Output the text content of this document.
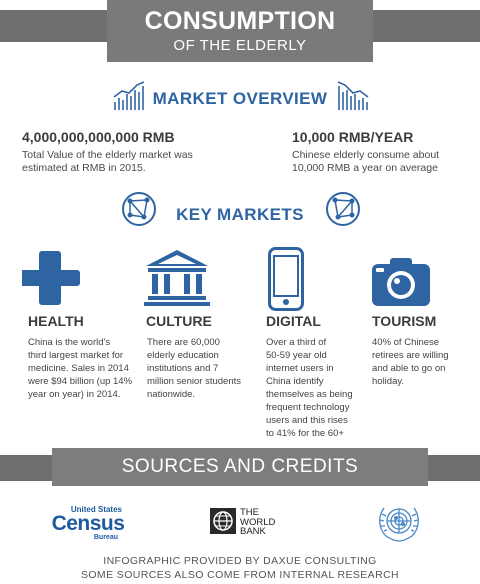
CONSUMPTION
OF THE ELDERLY
MARKET OVERVIEW
4,000,000,000,000 RMB
Total Value of the elderly market was
estimated at RMB in 2015.
10,000 RMB/YEAR
Chinese elderly consume about
10,000 RMB a year on average
KEY MARKETS
HEALTH
China is the world's
third largest market for
medicine. Sales in 2014
were $94 billion (up 14%
year on year) in 2014.
CULTURE
There are 60,000
elderly education
institutions and 7
million senior students
nationwide.
DIGITAL
Over a third of
50-59 year old
internet users in
China identify
themselves as being
frequent technology
users and this rises
to 41% for the 60+
TOURISM
40% of Chinese
retirees are willing
and able to go on
holiday.
SOURCES AND CREDITS
United States
Census
Bureau
THE
WORLD
BANK
INFOGRAPHIC PROVIDED BY DAXUE CONSULTING
SOME SOURCES ALSO COME FROM INTERNAL RESEARCH
